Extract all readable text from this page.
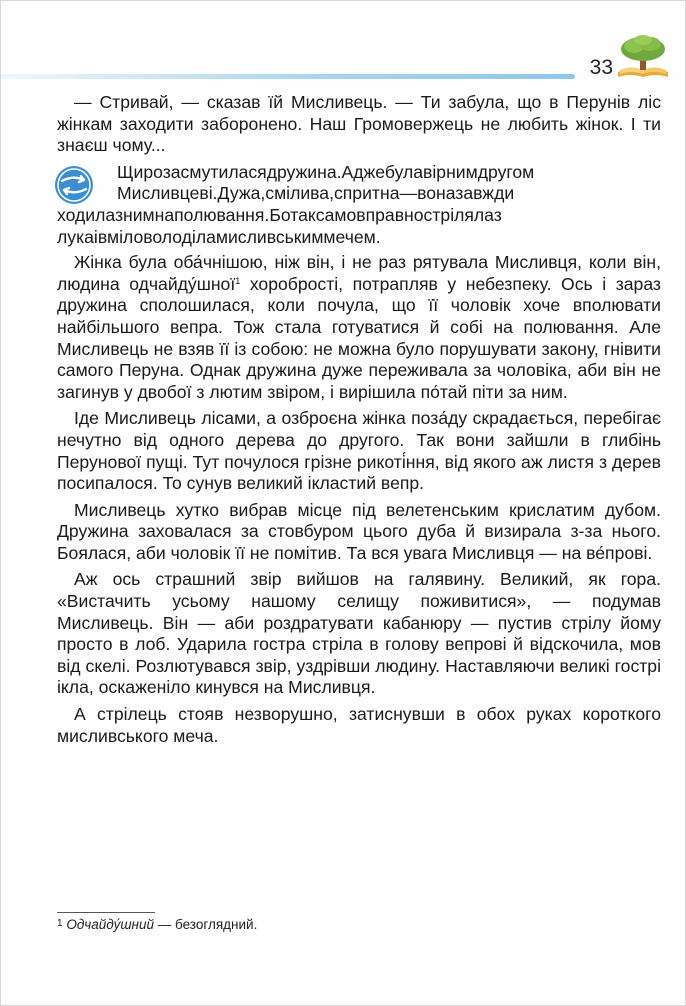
33

— Стривай, — сказав їй Мисливець. — Ти забула, що в Перунів ліс жінкам заходити заборонено. Наш Громовержець не любить жінок. І ти знаєш чому...

Щирозасмутиласядружина.Аджебулавірнимдругом
Мисливцеві.Дужа,смілива,спритна—воназавжди
ходилазнимнаполювання.Ботаксамовправнострілялаз лукаівміловолоділамисливськиммечем.

Жінка була оба́чнішою, ніж він, і не раз рятувала Мисливця, коли він, людина одчайду́шної$^1$ хоробрості, потрапляв у небезпеку. Ось і зараз дружина сполошилася, коли почула, що її чоловік хоче вполювати найбільшого вепра. Тож стала готуватися й собі на полювання. Але Мисливець не взяв її із собою: не можна було порушувати закону, гнівити самого Перуна. Однак дружина дуже переживала за чоловіка, аби він не загинув у двобої з лютим звіром, і вирішила по́тай піти за ним.

Іде Мисливець лісами, а озброєна жінка поза́ду скрадається, перебігає нечутно від одного дерева до другого. Так вони зайшли в глибінь Перунової пущі. Тут почулося грізне рикоті́ння, від якого аж листя з дерев посипалося. То сунув великий ікластий вепр.

Мисливець хутко вибрав місце під велетенським крислатим дубом. Дружина заховалася за стовбуром цього дуба й визирала з-за нього. Боялася, аби чоловік її не помітив. Та вся увага Мисливця — на ве́прові.

Аж ось страшний звір вийшов на галявину. Великий, як гора. «Вистачить усьому нашому селищу поживитися», — подумав Мисливець. Він — аби роздратувати кабанюру — пустив стрілу йому просто в лоб. Ударила гостра стріла в голову вепрові й відскочила, мов від скелі. Розлютувався звір, уздрівши людину. Наставляючи великі гострі ікла, оскаженіло кинувся на Мисливця.

А стрілець стояв незворушно, затиснувши в обох руках короткого мисливського меча.

$^1$ Одчайду́шний — безоглядний.
